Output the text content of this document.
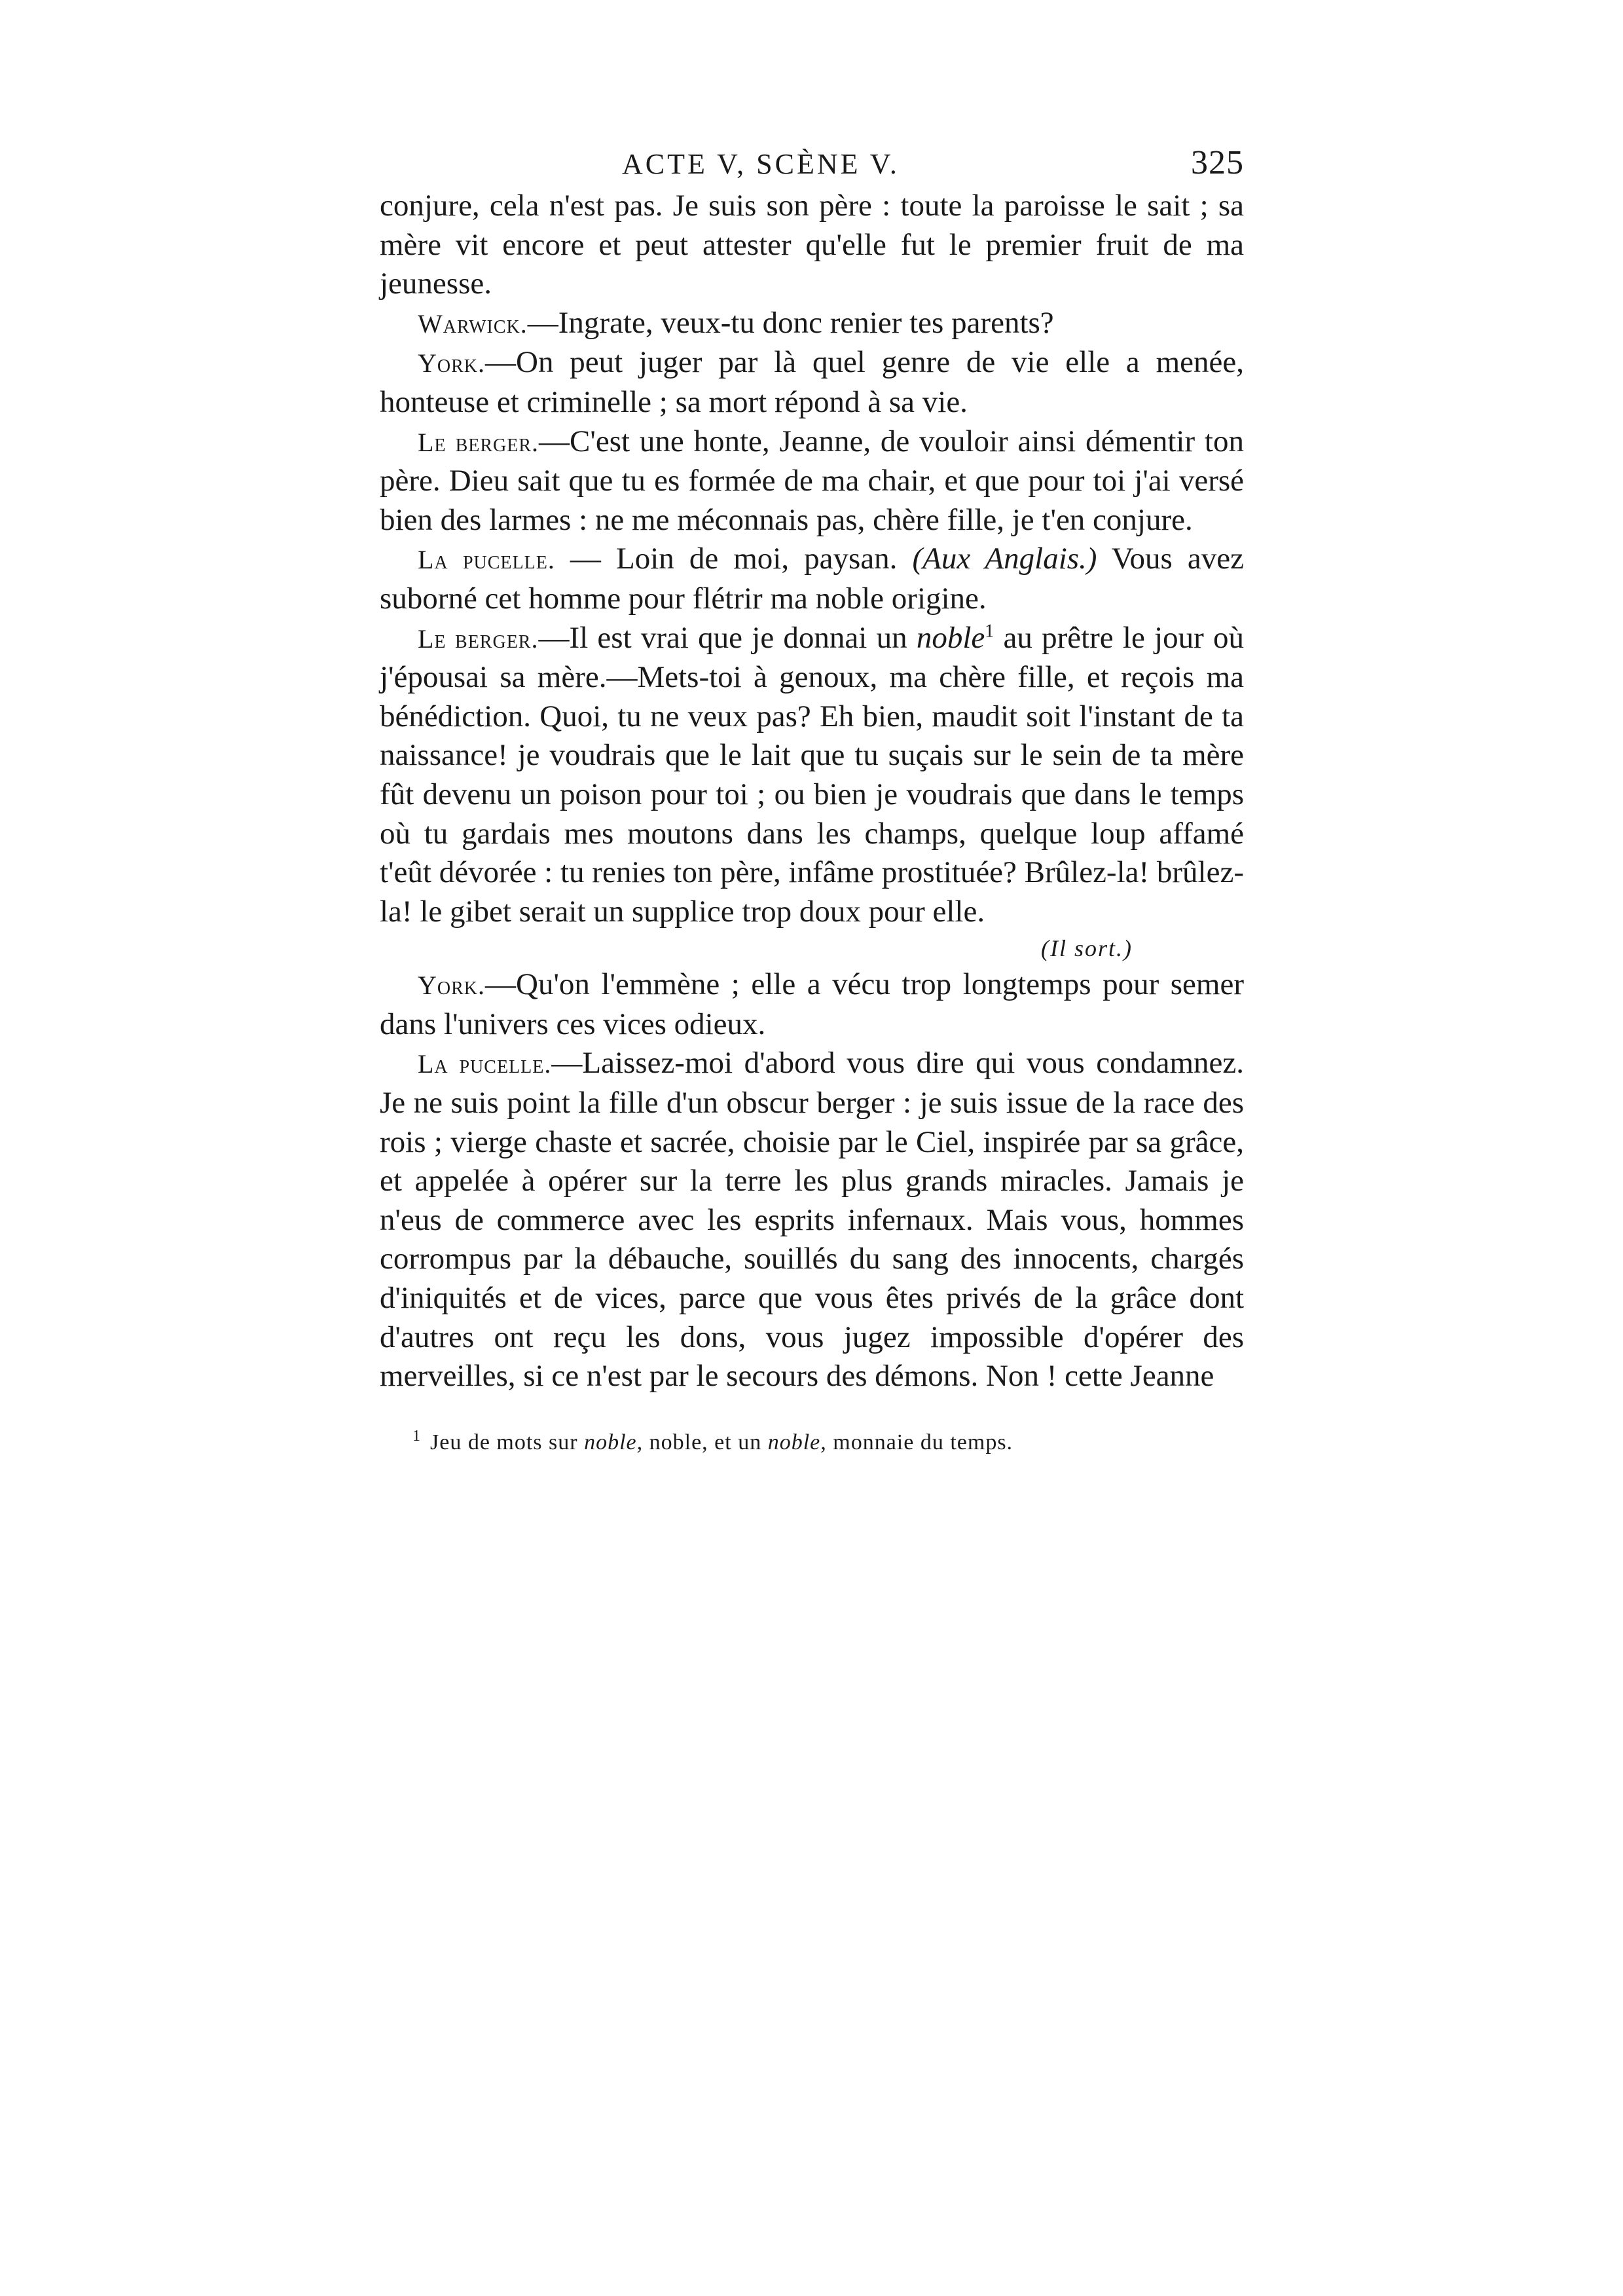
ACTE V, SCÈNE V.	325

conjure, cela n'est pas. Je suis son père : toute la paroisse le sait ; sa mère vit encore et peut attester qu'elle fut le premier fruit de ma jeunesse.

Warwick.—Ingrate, veux-tu donc renier tes parents?

York.—On peut juger par là quel genre de vie elle a menée, honteuse et criminelle ; sa mort répond à sa vie.

Le berger.—C'est une honte, Jeanne, de vouloir ainsi démentir ton père. Dieu sait que tu es formée de ma chair, et que pour toi j'ai versé bien des larmes : ne me méconnais pas, chère fille, je t'en conjure.

La pucelle. — Loin de moi, paysan. (Aux Anglais.) Vous avez suborné cet homme pour flétrir ma noble origine.

Le berger.—Il est vrai que je donnai un noble$^1$ au prêtre le jour où j'épousai sa mère.—Mets-toi à genoux, ma chère fille, et reçois ma bénédiction. Quoi, tu ne veux pas? Eh bien, maudit soit l'instant de ta naissance! je voudrais que le lait que tu suçais sur le sein de ta mère fût devenu un poison pour toi ; ou bien je voudrais que dans le temps où tu gardais mes moutons dans les champs, quelque loup affamé t'eût dévorée : tu renies ton père, infâme prostituée? Brûlez-la! brûlez-la! le gibet serait un supplice trop doux pour elle.

(Il sort.)

York.—Qu'on l'emmène ; elle a vécu trop longtemps pour semer dans l'univers ces vices odieux.

La pucelle.—Laissez-moi d'abord vous dire qui vous condamnez. Je ne suis point la fille d'un obscur berger : je suis issue de la race des rois ; vierge chaste et sacrée, choisie par le Ciel, inspirée par sa grâce, et appelée à opérer sur la terre les plus grands miracles. Jamais je n'eus de commerce avec les esprits infernaux. Mais vous, hommes corrompus par la débauche, souillés du sang des innocents, chargés d'iniquités et de vices, parce que vous êtes privés de la grâce dont d'autres ont reçu les dons, vous jugez impossible d'opérer des merveilles, si ce n'est par le secours des démons. Non ! cette Jeanne

$^1$ Jeu de mots sur noble, noble, et un noble, monnaie du temps.
